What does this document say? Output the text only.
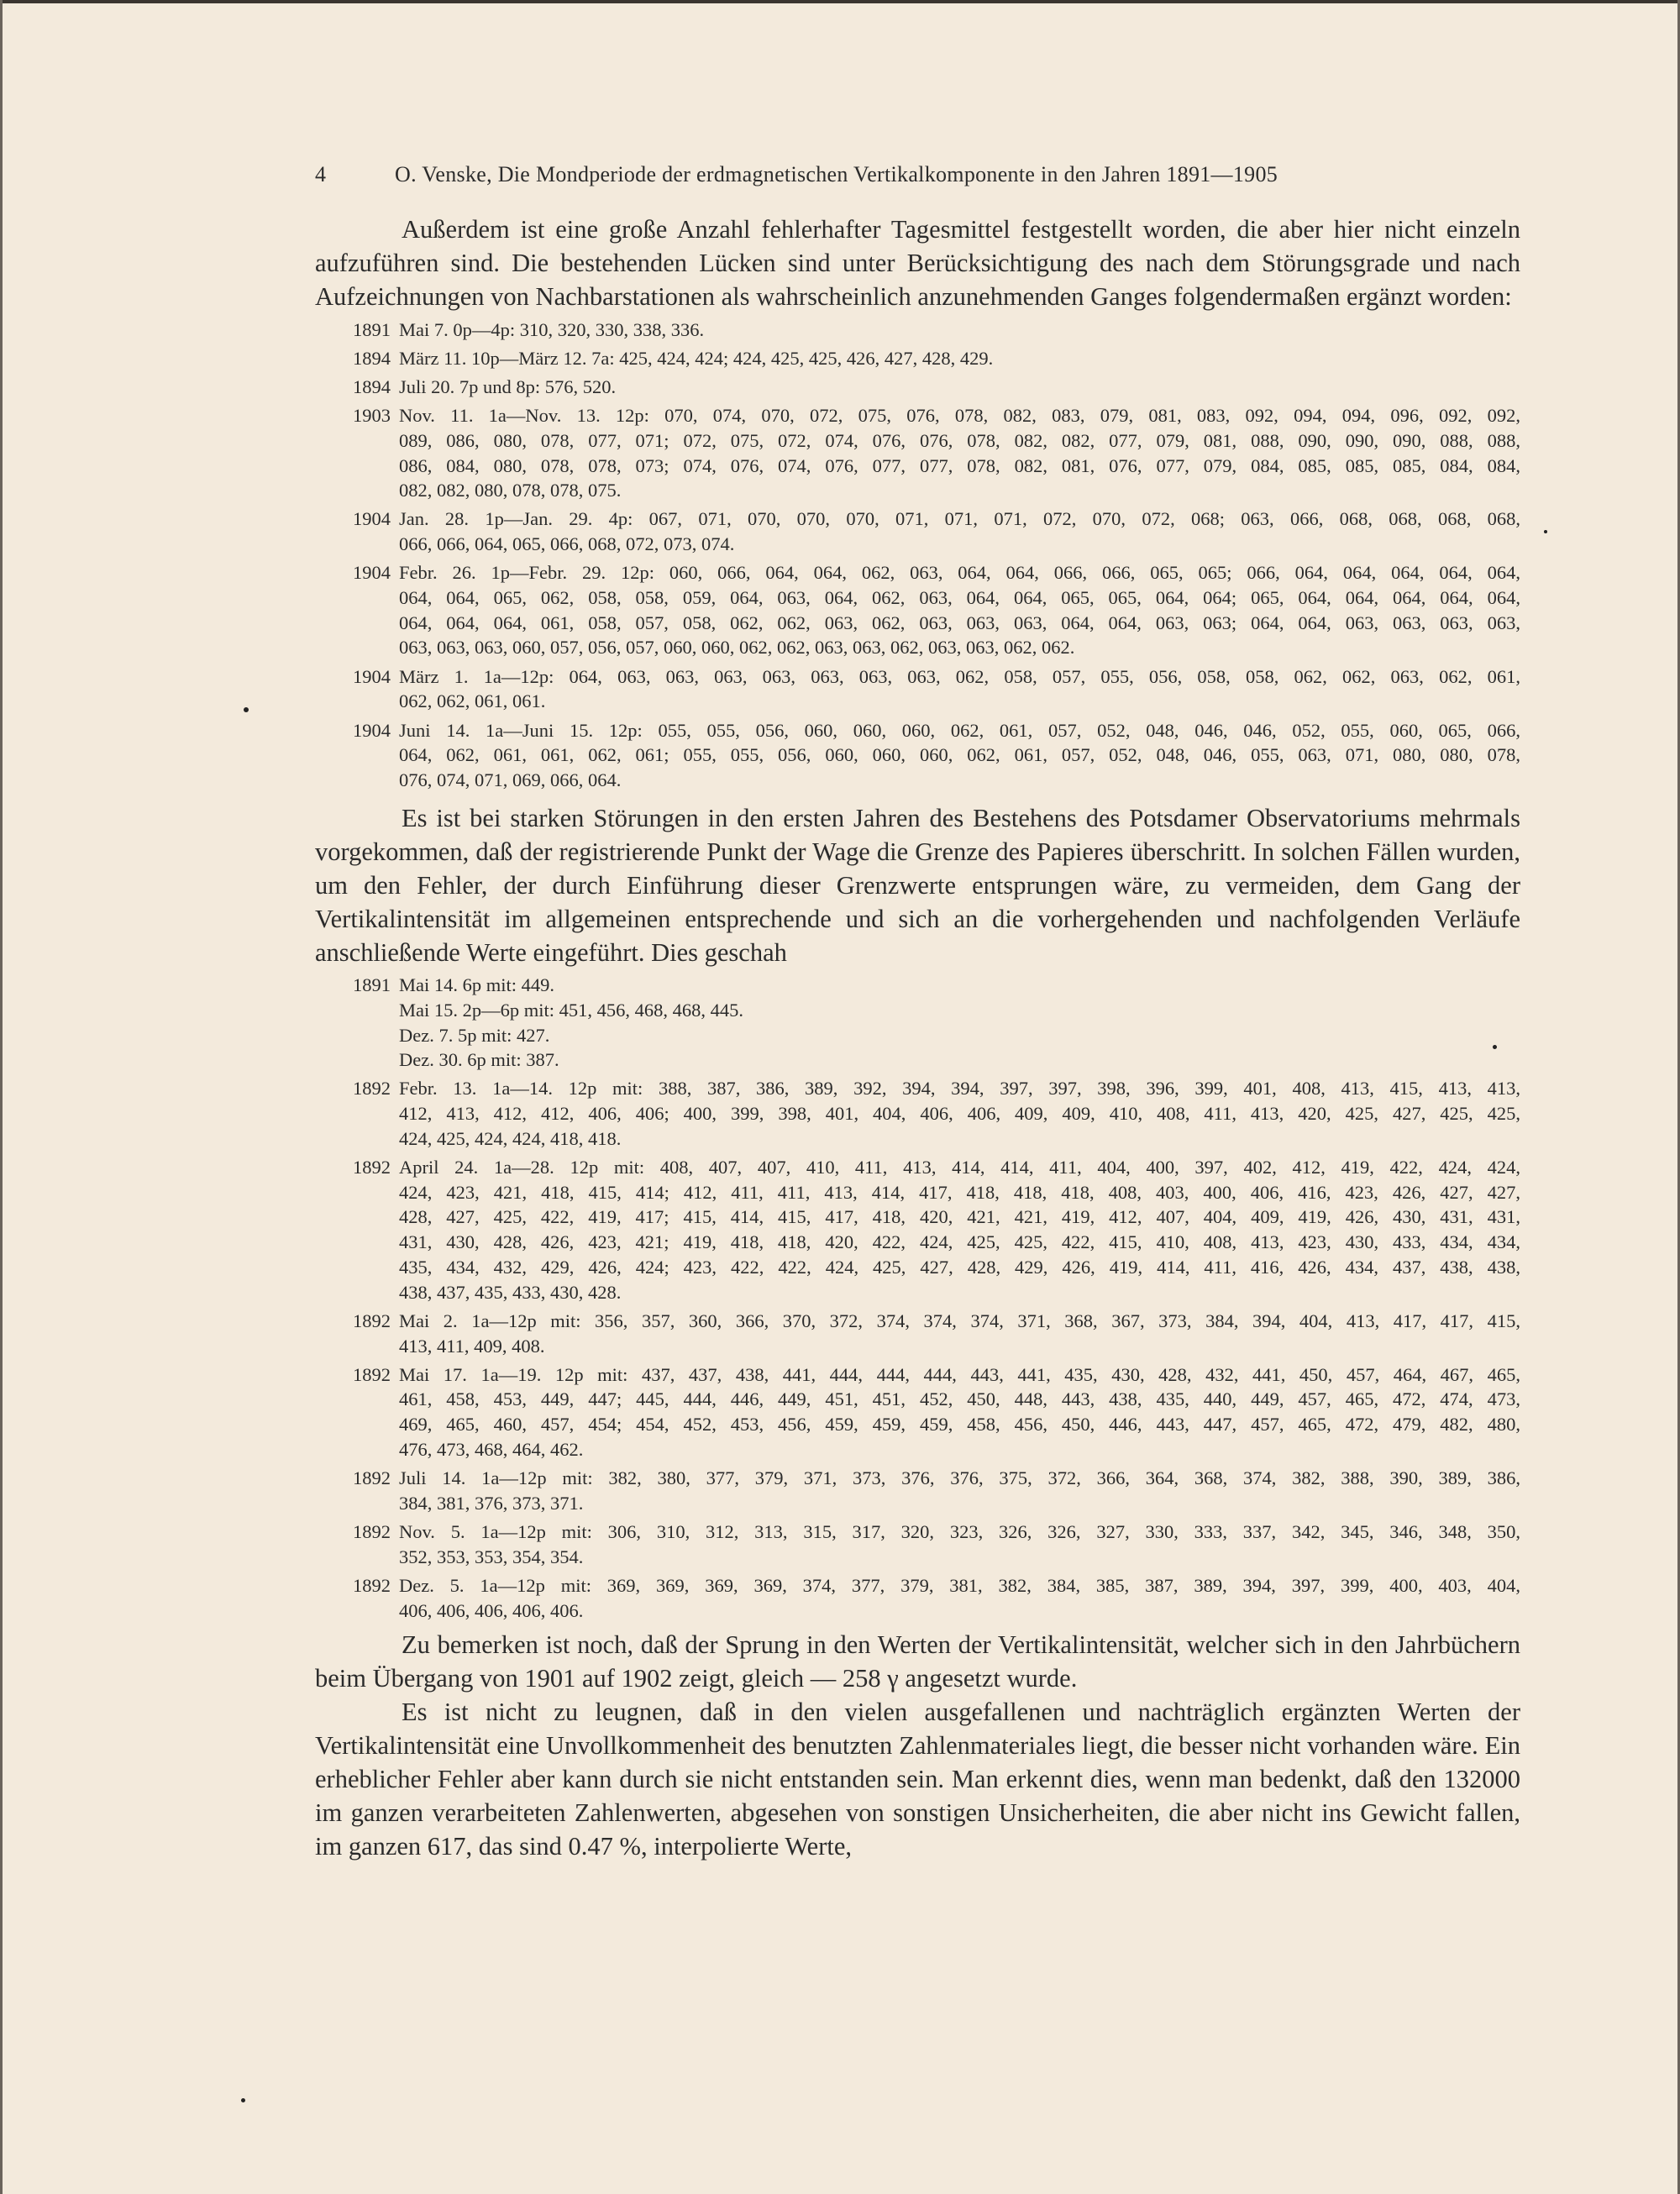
4	O. Venske, Die Mondperiode der erdmagnetischen Vertikalkomponente in den Jahren 1891—1905

Außerdem ist eine große Anzahl fehlerhafter Tagesmittel festgestellt worden, die aber hier nicht einzeln aufzuführen sind. Die bestehenden Lücken sind unter Berücksichtigung des nach dem Störungsgrade und nach Aufzeichnungen von Nachbarstationen als wahrscheinlich anzunehmenden Ganges folgendermaßen ergänzt worden:

1891 Mai 7. 0p—4p: 310, 320, 330, 338, 336.
1894 März 11. 10p—März 12. 7a: 425, 424, 424; 424, 425, 425, 426, 427, 428, 429.
1894 Juli 20. 7p und 8p: 576, 520.
1903 Nov. 11. 1a—Nov. 13. 12p: 070, 074, 070, 072, 075, 076, 078, 082, 083, 079, 081, 083, 092, 094, 094, 096, 092, 092,
089, 086, 080, 078, 077, 071; 072, 075, 072, 074, 076, 076, 078, 082, 082, 077, 079, 081, 088, 090, 090, 090, 088, 088,
086, 084, 080, 078, 078, 073; 074, 076, 074, 076, 077, 077, 078, 082, 081, 076, 077, 079, 084, 085, 085, 085, 084, 084,
082, 082, 080, 078, 078, 075.
1904 Jan. 28. 1p—Jan. 29. 4p: 067, 071, 070, 070, 070, 071, 071, 071, 072, 070, 072, 068; 063, 066, 068, 068, 068, 068,
066, 066, 064, 065, 066, 068, 072, 073, 074.
1904 Febr. 26. 1p—Febr. 29. 12p: 060, 066, 064, 064, 062, 063, 064, 064, 066, 066, 065, 065; 066, 064, 064, 064, 064, 064,
064, 064, 065, 062, 058, 058, 059, 064, 063, 064, 062, 063, 064, 064, 065, 065, 064, 064; 065, 064, 064, 064, 064, 064,
064, 064, 064, 061, 058, 057, 058, 062, 062, 063, 062, 063, 063, 063, 064, 064, 063, 063; 064, 064, 063, 063, 063, 063,
063, 063, 063, 060, 057, 056, 057, 060, 060, 062, 062, 063, 063, 062, 063, 063, 062, 062.
1904 März 1. 1a—12p: 064, 063, 063, 063, 063, 063, 063, 063, 062, 058, 057, 055, 056, 058, 058, 062, 062, 063, 062, 061,
062, 062, 061, 061.
1904 Juni 14. 1a—Juni 15. 12p: 055, 055, 056, 060, 060, 060, 062, 061, 057, 052, 048, 046, 046, 052, 055, 060, 065, 066,
064, 062, 061, 061, 062, 061; 055, 055, 056, 060, 060, 060, 062, 061, 057, 052, 048, 046, 055, 063, 071, 080, 080, 078,
076, 074, 071, 069, 066, 064.

Es ist bei starken Störungen in den ersten Jahren des Bestehens des Potsdamer Observatoriums mehrmals vorgekommen, daß der registrierende Punkt der Wage die Grenze des Papieres überschritt. In solchen Fällen wurden, um den Fehler, der durch Einführung dieser Grenzwerte entsprungen wäre, zu vermeiden, dem Gang der Vertikalintensität im allgemeinen entsprechende und sich an die vorhergehenden und nachfolgenden Verläufe anschließende Werte eingeführt. Dies geschah

1891 Mai 14. 6p mit: 449.
Mai 15. 2p—6p mit: 451, 456, 468, 468, 445.
Dez. 7. 5p mit: 427.
Dez. 30. 6p mit: 387.
1892 Febr. 13. 1a—14. 12p mit: 388, 387, 386, 389, 392, 394, 394, 397, 397, 398, 396, 399, 401, 408, 413, 415, 413, 413,
412, 413, 412, 412, 406, 406; 400, 399, 398, 401, 404, 406, 406, 409, 409, 410, 408, 411, 413, 420, 425, 427, 425, 425,
424, 425, 424, 424, 418, 418.
1892 April 24. 1a—28. 12p mit: 408, 407, 407, 410, 411, 413, 414, 414, 411, 404, 400, 397, 402, 412, 419, 422, 424, 424,
424, 423, 421, 418, 415, 414; 412, 411, 411, 413, 414, 417, 418, 418, 418, 408, 403, 400, 406, 416, 423, 426, 427, 427,
428, 427, 425, 422, 419, 417; 415, 414, 415, 417, 418, 420, 421, 421, 419, 412, 407, 404, 409, 419, 426, 430, 431, 431,
431, 430, 428, 426, 423, 421; 419, 418, 418, 420, 422, 424, 425, 425, 422, 415, 410, 408, 413, 423, 430, 433, 434, 434,
435, 434, 432, 429, 426, 424; 423, 422, 422, 424, 425, 427, 428, 429, 426, 419, 414, 411, 416, 426, 434, 437, 438, 438,
438, 437, 435, 433, 430, 428.
1892 Mai 2. 1a—12p mit: 356, 357, 360, 366, 370, 372, 374, 374, 374, 371, 368, 367, 373, 384, 394, 404, 413, 417, 417, 415,
413, 411, 409, 408.
1892 Mai 17. 1a—19. 12p mit: 437, 437, 438, 441, 444, 444, 444, 443, 441, 435, 430, 428, 432, 441, 450, 457, 464, 467, 465,
461, 458, 453, 449, 447; 445, 444, 446, 449, 451, 451, 452, 450, 448, 443, 438, 435, 440, 449, 457, 465, 472, 474, 473,
469, 465, 460, 457, 454; 454, 452, 453, 456, 459, 459, 459, 458, 456, 450, 446, 443, 447, 457, 465, 472, 479, 482, 480,
476, 473, 468, 464, 462.
1892 Juli 14. 1a—12p mit: 382, 380, 377, 379, 371, 373, 376, 376, 375, 372, 366, 364, 368, 374, 382, 388, 390, 389, 386,
384, 381, 376, 373, 371.
1892 Nov. 5. 1a—12p mit: 306, 310, 312, 313, 315, 317, 320, 323, 326, 326, 327, 330, 333, 337, 342, 345, 346, 348, 350,
352, 353, 353, 354, 354.
1892 Dez. 5. 1a—12p mit: 369, 369, 369, 369, 374, 377, 379, 381, 382, 384, 385, 387, 389, 394, 397, 399, 400, 403, 404,
406, 406, 406, 406, 406.

Zu bemerken ist noch, daß der Sprung in den Werten der Vertikalintensität, welcher sich in den Jahrbüchern beim Übergang von 1901 auf 1902 zeigt, gleich — 258 γ angesetzt wurde.

Es ist nicht zu leugnen, daß in den vielen ausgefallenen und nachträglich ergänzten Werten der Vertikalintensität eine Unvollkommenheit des benutzten Zahlenmateriales liegt, die besser nicht vorhanden wäre. Ein erheblicher Fehler aber kann durch sie nicht entstanden sein. Man erkennt dies, wenn man bedenkt, daß den 132000 im ganzen verarbeiteten Zahlenwerten, abgesehen von sonstigen Unsicherheiten, die aber nicht ins Gewicht fallen, im ganzen 617, das sind 0.47 %, interpolierte Werte,
